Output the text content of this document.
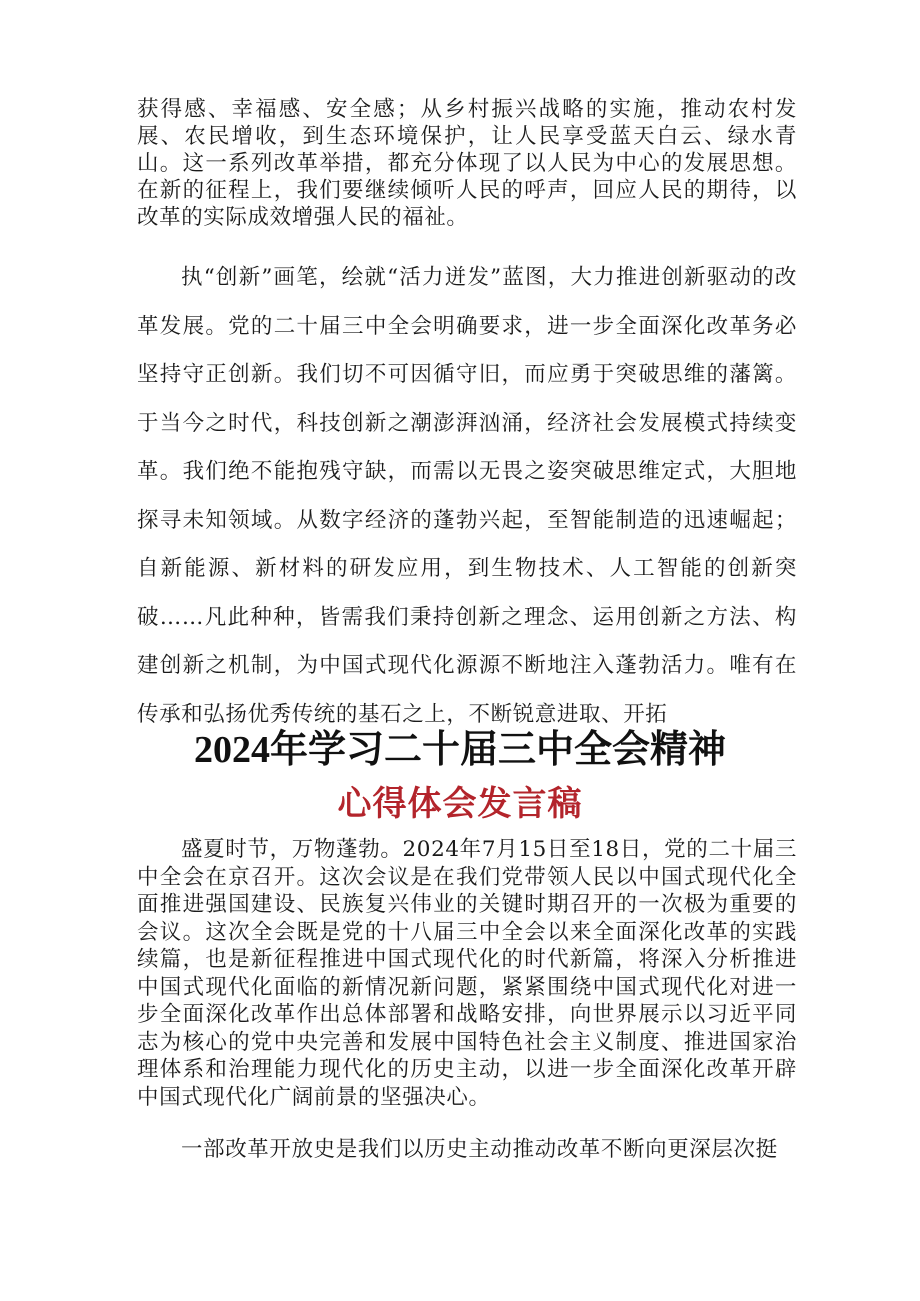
获得感、幸福感、安全感；从乡村振兴战略的实施，推动农村发展、农民增收，到生态环境保护，让人民享受蓝天白云、绿水青山。这一系列改革举措，都充分体现了以人民为中心的发展思想。在新的征程上，我们要继续倾听人民的呼声，回应人民的期待，以改革的实际成效增强人民的福祉。

执“创新”画笔，绘就“活力迸发”蓝图，大力推进创新驱动的改革发展。党的二十届三中全会明确要求，进一步全面深化改革务必坚持守正创新。我们切不可因循守旧，而应勇于突破思维的藩篱。于当今之时代，科技创新之潮澎湃汹涌，经济社会发展模式持续变革。我们绝不能抱残守缺，而需以无畏之姿突破思维定式，大胆地探寻未知领域。从数字经济的蓬勃兴起，至智能制造的迅速崛起；自新能源、新材料的研发应用，到生物技术、人工智能的创新突破……凡此种种，皆需我们秉持创新之理念、运用创新之方法、构建创新之机制，为中国式现代化源源不断地注入蓬勃活力。唯有在传承和弘扬优秀传统的基石之上，不断锐意进取、开拓

2024年学习二十届三中全会精神
心得体会发言稿

盛夏时节，万物蓬勃。2024年7月15日至18日，党的二十届三中全会在京召开。这次会议是在我们党带领人民以中国式现代化全面推进强国建设、民族复兴伟业的关键时期召开的一次极为重要的会议。这次全会既是党的十八届三中全会以来全面深化改革的实践续篇，也是新征程推进中国式现代化的时代新篇，将深入分析推进中国式现代化面临的新情况新问题，紧紧围绕中国式现代化对进一步全面深化改革作出总体部署和战略安排，向世界展示以习近平同志为核心的党中央完善和发展中国特色社会主义制度、推进国家治理体系和治理能力现代化的历史主动，以进一步全面深化改革开辟中国式现代化广阔前景的坚强决心。

一部改革开放史是我们以历史主动推动改革不断向更深层次挺
